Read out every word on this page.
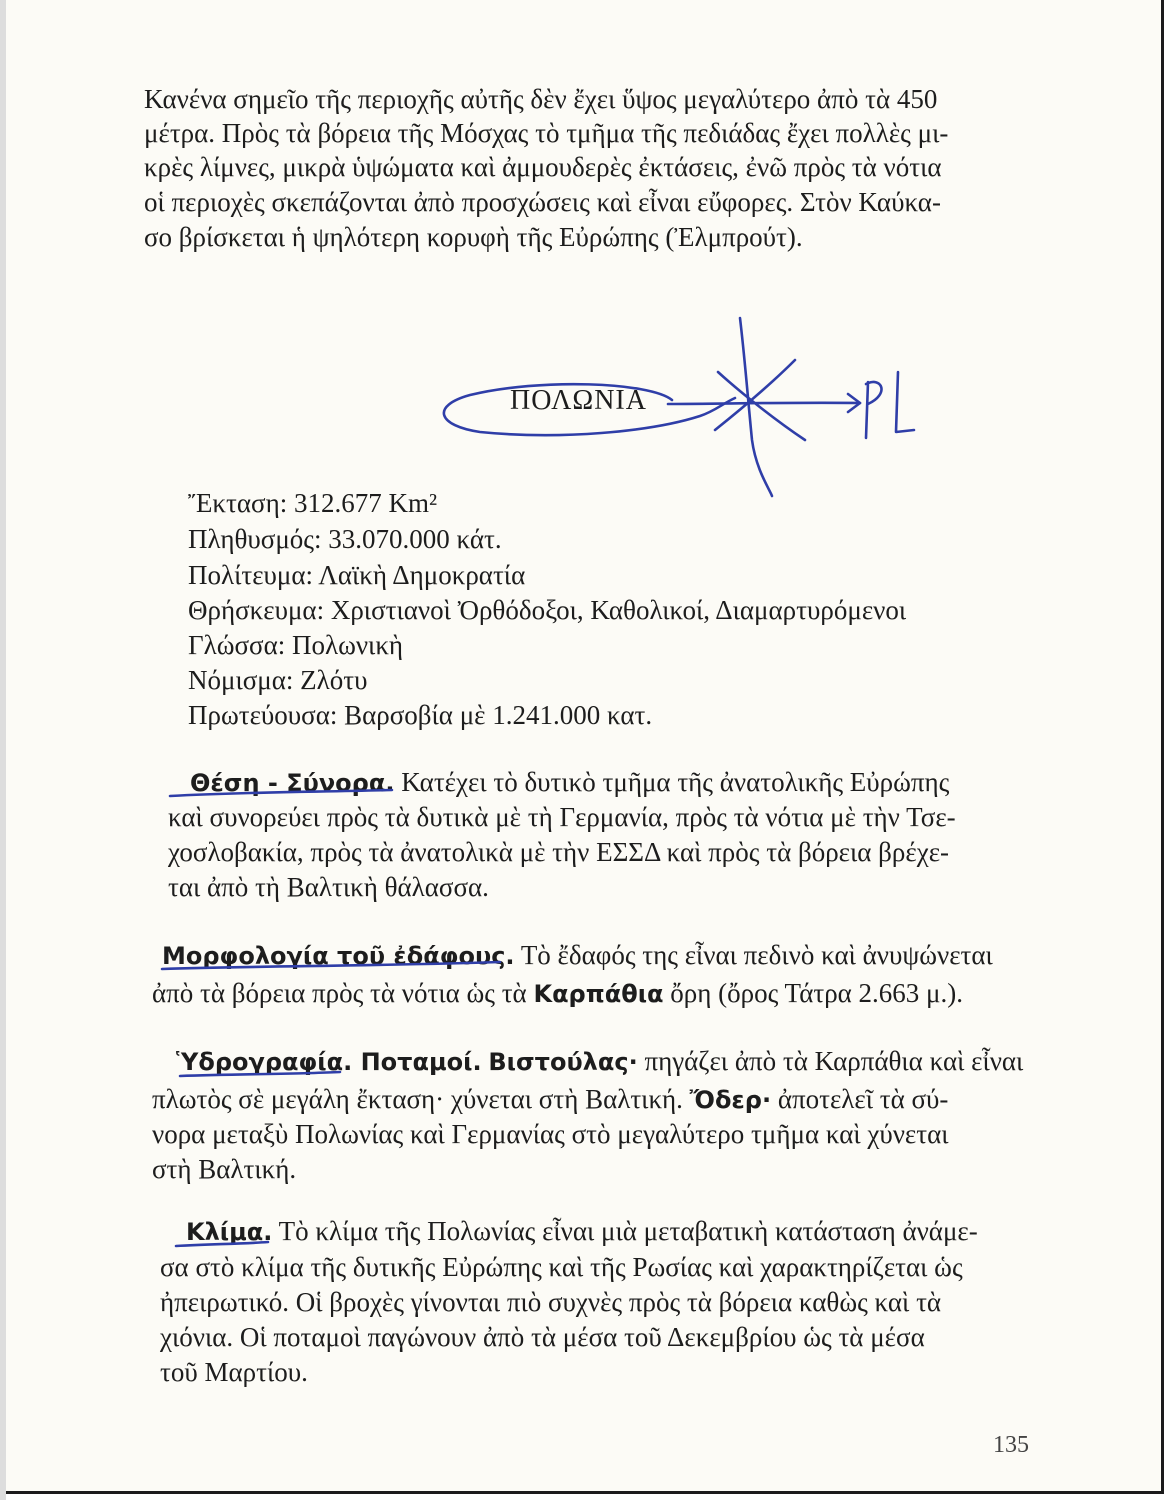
Κανένα σημεῖο τῆς περιοχῆς αὐτῆς δὲν ἔχει ὕψος μεγαλύτερο ἀπὸ τὰ 450

μέτρα. Πρὸς τὰ βόρεια τῆς Μόσχας τὸ τμῆμα τῆς πεδιάδας ἔχει πολλὲς μι-

κρὲς λίμνες, μικρὰ ὑψώματα καὶ ἀμμουδερὲς ἐκτάσεις, ἐνῶ πρὸς τὰ νότια

οἱ περιοχὲς σκεπάζονται ἀπὸ προσχώσεις καὶ εἶναι εὔφορες. Στὸν Καύκα-

σο βρίσκεται ἡ ψηλότερη κορυφὴ τῆς Εὐρώπης (Ἐλμπρούτ).

ΠΟΛΩΝΙΑ

Ἔκταση: 312.677 Km²

Πληθυσμός: 33.070.000 κάτ.

Πολίτευμα: Λαϊκὴ Δημοκρατία

Θρήσκευμα: Χριστιανοὶ Ὀρθόδοξοι, Καθολικοί, Διαμαρτυρόμενοι

Γλώσσα: Πολωνικὴ

Νόμισμα: Ζλότυ

Πρωτεύουσα: Βαρσοβία μὲ 1.241.000 κατ.

Θέση - Σύνορα. Κατέχει τὸ δυτικὸ τμῆμα τῆς ἀνατολικῆς Εὐρώπης

καὶ συνορεύει πρὸς τὰ δυτικὰ μὲ τὴ Γερμανία, πρὸς τὰ νότια μὲ τὴν Τσε-

χοσλοβακία, πρὸς τὰ ἀνατολικὰ μὲ τὴν ΕΣΣΔ καὶ πρὸς τὰ βόρεια βρέχε-

ται ἀπὸ τὴ Βαλτικὴ θάλασσα.

Μορφολογία τοῦ ἐδάφους. Τὸ ἔδαφός της εἶναι πεδινὸ καὶ ἀνυψώνεται

ἀπὸ τὰ βόρεια πρὸς τὰ νότια ὡς τὰ Καρπάθια ὄρη (ὄρος Τάτρα 2.663 μ.).

Ὑδρογραφία. Ποταμοί. Βιστούλας· πηγάζει ἀπὸ τὰ Καρπάθια καὶ εἶναι

πλωτὸς σὲ μεγάλη ἔκταση· χύνεται στὴ Βαλτική. Ὄδερ· ἀποτελεῖ τὰ σύ-

νορα μεταξὺ Πολωνίας καὶ Γερμανίας στὸ μεγαλύτερο τμῆμα καὶ χύνεται

στὴ Βαλτική.

Κλίμα. Τὸ κλίμα τῆς Πολωνίας εἶναι μιὰ μεταβατικὴ κατάσταση ἀνάμε-

σα στὸ κλίμα τῆς δυτικῆς Εὐρώπης καὶ τῆς Ρωσίας καὶ χαρακτηρίζεται ὡς

ἠπειρωτικό. Οἱ βροχὲς γίνονται πιὸ συχνὲς πρὸς τὰ βόρεια καθὼς καὶ τὰ

χιόνια. Οἱ ποταμοὶ παγώνουν ἀπὸ τὰ μέσα τοῦ Δεκεμβρίου ὡς τὰ μέσα

τοῦ Μαρτίου.

135
